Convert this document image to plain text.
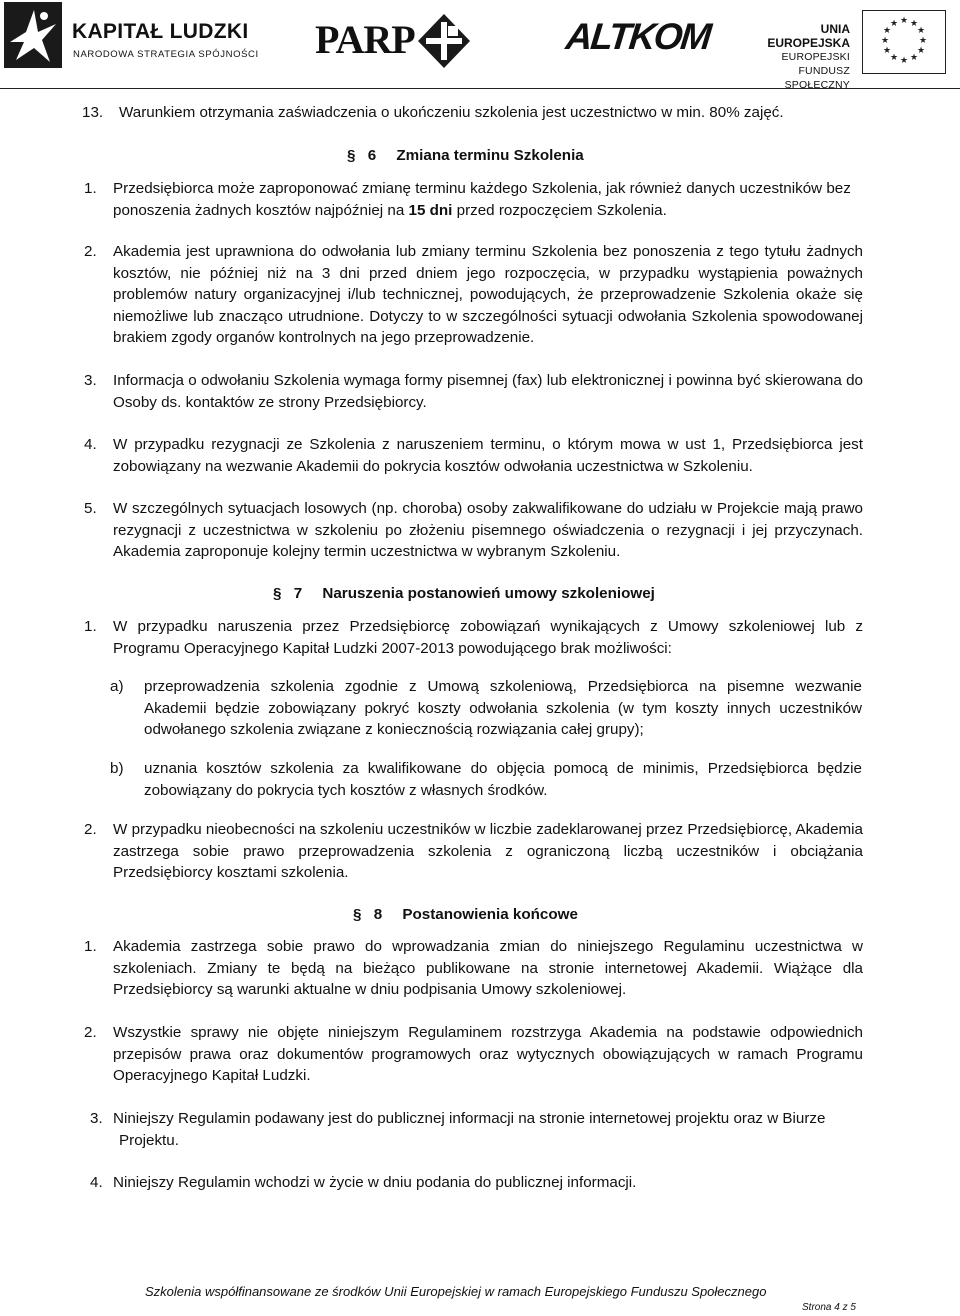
KAPITAŁ LUDZKI
NARODOWA STRATEGIA SPÓJNOŚCI PARP	ALTKOM	UNIA EUROPEJSKA
EUROPEJSKI
FUNDUSZ SPOŁECZNY
★ ★
★
★
★
★
★
★
★
★
★
★
13. Warunkiem otrzymania zaświadczenia o ukończeniu szkolenia jest uczestnictwo w min. 80% zajęć.
§ 6 Zmiana terminu Szkolenia
1. Przedsiębiorca może zaproponować zmianę terminu każdego Szkolenia, jak również danych uczestników bez ponoszenia żadnych kosztów najpóźniej na 15 dni przed rozpoczęciem Szkolenia.
2. Akademia jest uprawniona do odwołania lub zmiany terminu Szkolenia bez ponoszenia z tego tytułu żadnych kosztów, nie później niż na 3 dni przed dniem jego rozpoczęcia, w przypadku wystąpienia poważnych problemów natury organizacyjnej i/lub technicznej, powodujących, że przeprowadzenie Szkolenia okaże się niemożliwe lub znacząco utrudnione. Dotyczy to w szczególności sytuacji odwołania Szkolenia spowodowanej brakiem zgody organów kontrolnych na jego przeprowadzenie.
3. Informacja o odwołaniu Szkolenia wymaga formy pisemnej (fax) lub elektronicznej i powinna być skierowana do Osoby ds. kontaktów ze strony Przedsiębiorcy.
4. W przypadku rezygnacji ze Szkolenia z naruszeniem terminu, o którym mowa w ust 1, Przedsiębiorca jest zobowiązany na wezwanie Akademii do pokrycia kosztów odwołania uczestnictwa w Szkoleniu.
5. W szczególnych sytuacjach losowych (np. choroba) osoby zakwalifikowane do udziału w Projekcie mają prawo rezygnacji z uczestnictwa w szkoleniu po złożeniu pisemnego oświadczenia o rezygnacji i jej przyczynach. Akademia zaproponuje kolejny termin uczestnictwa w wybranym Szkoleniu.
§ 7 Naruszenia postanowień umowy szkoleniowej
1. W przypadku naruszenia przez Przedsiębiorcę zobowiązań wynikających z Umowy szkoleniowej lub z Programu Operacyjnego Kapitał Ludzki 2007-2013 powodującego brak możliwości:
a) przeprowadzenia szkolenia zgodnie z Umową szkoleniową, Przedsiębiorca na pisemne wezwanie Akademii będzie zobowiązany pokryć koszty odwołania szkolenia (w tym koszty innych uczestników odwołanego szkolenia związane z koniecznością rozwiązania całej grupy);
b) uznania kosztów szkolenia za kwalifikowane do objęcia pomocą de minimis, Przedsiębiorca będzie zobowiązany do pokrycia tych kosztów z własnych środków.
2. W przypadku nieobecności na szkoleniu uczestników w liczbie zadeklarowanej przez Przedsiębiorcę, Akademia zastrzega sobie prawo przeprowadzenia szkolenia z ograniczoną liczbą uczestników i obciążania Przedsiębiorcy kosztami szkolenia.
§ 8 Postanowienia końcowe
1. Akademia zastrzega sobie prawo do wprowadzania zmian do niniejszego Regulaminu uczestnictwa w szkoleniach. Zmiany te będą na bieżąco publikowane na stronie internetowej Akademii. Wiążące dla Przedsiębiorcy są warunki aktualne w dniu podpisania Umowy szkoleniowej.
2. Wszystkie sprawy nie objęte niniejszym Regulaminem rozstrzyga Akademia na podstawie odpowiednich przepisów prawa oraz dokumentów programowych oraz wytycznych obowiązujących w ramach Programu Operacyjnego Kapitał Ludzki.
3. Niniejszy Regulamin podawany jest do publicznej informacji na stronie internetowej projektu oraz w Biurze
Projektu.
4. Niniejszy Regulamin wchodzi w życie w dniu podania do publicznej informacji.
Szkolenia współfinansowane ze środków Unii Europejskiej w ramach Europejskiego Funduszu Społecznego
Strona 4 z 5
